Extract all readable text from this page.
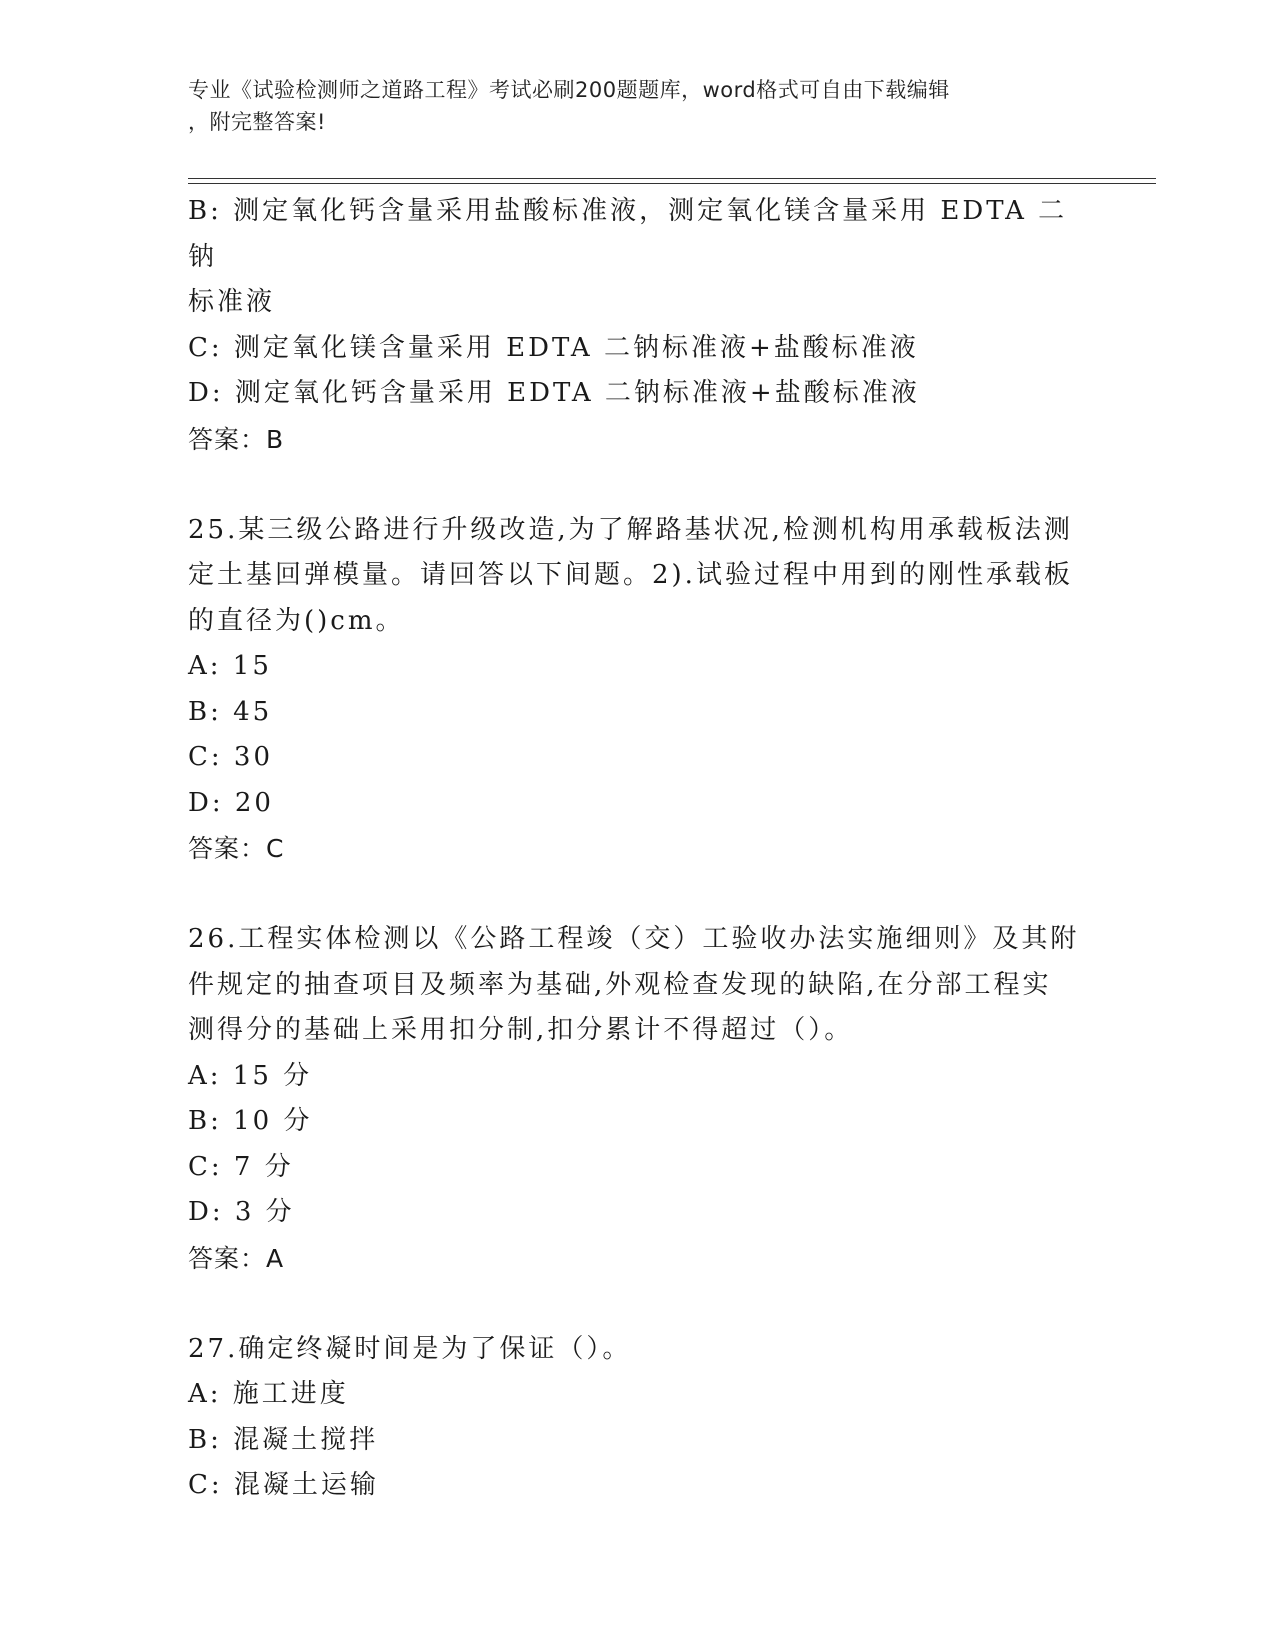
专业《试验检测师之道路工程》考试必刷200题题库，word格式可自由下载编辑
，附完整答案!
B: 测定氧化钙含量采用盐酸标准液，测定氧化镁含量采用 EDTA 二钠
标准液
C: 测定氧化镁含量采用 EDTA 二钠标准液+盐酸标准液
D: 测定氧化钙含量采用 EDTA 二钠标准液+盐酸标准液
答案：B
25.某三级公路进行升级改造,为了解路基状况,检测机构用承载板法测
定土基回弹模量。请回答以下间题。2).试验过程中用到的刚性承载板
的直径为()cm。
A: 15
B: 45
C: 30
D: 20
答案：C
26.工程实体检测以《公路工程竣（交）工验收办法实施细则》及其附
件规定的抽查项目及频率为基础,外观检查发现的缺陷,在分部工程实
测得分的基础上采用扣分制,扣分累计不得超过（）。
A: 15 分
B: 10 分
C: 7 分
D: 3 分
答案：A
27.确定终凝时间是为了保证（）。
A: 施工进度
B: 混凝土搅拌
C: 混凝土运输
